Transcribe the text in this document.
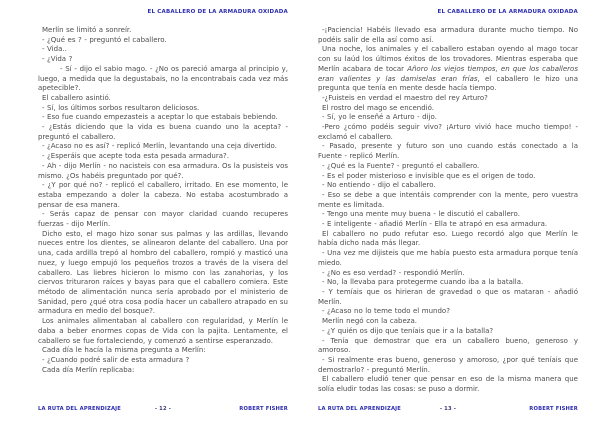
EL CABALLERO DE LA ARMADURA OXIDADA

Merlín se limitó a sonreír.

- ¿Qué es ? - preguntó el caballero.

- Vida..

- ¿Vida ?

- Sí - dijo el sabio mago. - ¿No os pareció amarga al principio y, luego, a medida que la degustabais, no la encontrabais cada vez más apetecible?.

El caballero asintió.

- Sí, los últimos sorbos resultaron deliciosos.

- Eso fue cuando empezasteis a aceptar lo que estabais bebiendo.

- ¿Estás diciendo que la vida es buena cuando uno la acepta? - preguntó el caballero.

- ¿Acaso no es así? - replicó Merlín, levantando una ceja divertido.

- ¿Esperáis que acepte toda esta pesada armadura?.

- Ah - dijo Merlín - no nacisteis con esa armadura. Os la pusisteis vos mismo. ¿Os habéis preguntado por qué?.

- ¿Y por qué no? - replicó el caballero, irritado. En ese momento, le estaba empezando a doler la cabeza. No estaba acostumbrado a pensar de esa manera.

- Serás capaz de pensar con mayor claridad cuando recuperes fuerzas - dijo Merlín.

Dicho esto, el mago hizo sonar sus palmas y las ardillas, llevando nueces entre los dientes, se alinearon delante del caballero. Una por una, cada ardilla trepó al hombro del caballero, rompió y masticó una nuez, y luego empujó los pequeños trozos a través de la visera del caballero. Las liebres hicieron lo mismo con las zanahorias, y los ciervos trituraron raíces y bayas para que el caballero comiera. Este método de alimentación nunca sería aprobado por el ministerio de Sanidad, pero ¿qué otra cosa podía hacer un caballero atrapado en su armadura en medio del bosque?.

Los animales alimentaban al caballero con regularidad, y Merlín le daba a beber enormes copas de Vida con la pajita. Lentamente, el caballero se fue fortaleciendo, y comenzó a sentirse esperanzado.

Cada día le hacía la misma pregunta a Merlín:

- ¿Cuando podré salir de esta armadura ?

Cada día Merlín replicaba:

LA RUTA DEL APRENDIZAJE	- 12 -	ROBERT FISHER
EL CABALLERO DE LA ARMADURA OXIDADA

-¡Paciencia! Habéis llevado esa armadura durante mucho tiempo. No podéis salir de ella así como así.

Una noche, los animales y el caballero estaban oyendo al mago tocar con su laúd los últimos éxitos de los trovadores. Mientras esperaba que Merlín acabara de tocar Añoro los viejos tiempos, en que los caballeros eran valientes y las damiselas eran frías, el caballero le hizo una pregunta que tenía en mente desde hacía tiempo.

-¿Fuisteis en verdad el maestro del rey Arturo?

El rostro del mago se encendió.

- Sí, yo le enseñé a Arturo - dijo.

-Pero ¿cómo podéis seguir vivo? ¡Arturo vivió hace mucho tiempo! - exclamó el caballero.

- Pasado, presente y futuro son uno cuando estás conectado a la Fuente - replicó Merlín.

- ¿Qué es la Fuente? - preguntó el caballero.

- Es el poder misterioso e invisible que es el origen de todo.

- No entiendo - dijo el caballero.

- Eso se debe a que intentáis comprender con la mente, pero vuestra mente es limitada.

- Tengo una mente muy buena - le discutió el caballero.

- E inteligente - añadió Merlín - Ella te atrapó en esa armadura.

El caballero no pudo refutar eso. Luego recordó algo que Merlín le había dicho nada más llegar.

- Una vez me dijisteis que me había puesto esta armadura porque tenía miedo.

- ¿No es eso verdad? - respondió Merlín.

- No, la llevaba para protegerme cuando iba a la batalla.

- Y temíais que os hirieran de gravedad o que os mataran - añadió Merlín.

- ¿Acaso no lo teme todo el mundo?

Merlín negó con la cabeza.

- ¿Y quién os dijo que teníais que ir a la batalla?

- Tenía que demostrar que era un caballero bueno, generoso y amoroso.

- Si realmente eras bueno, generoso y amoroso, ¿por qué teníais que demostrarlo? - preguntó Merlín.

El caballero eludió tener que pensar en eso de la misma manera que solía eludir todas las cosas: se puso a dormir.

LA RUTA DEL APRENDIZAJE	- 13 -	ROBERT FISHER
